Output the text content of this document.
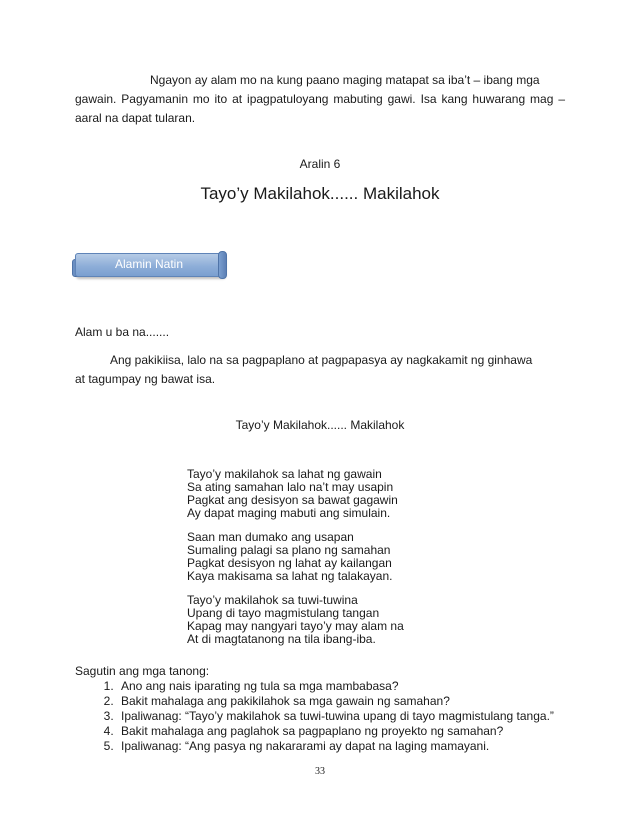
Ngayon ay alam mo na kung paano maging matapat sa iba’t – ibang mga
gawain. Pagyamanin mo ito at ipagpatuloyang mabuting gawi. Isa kang huwarang mag – aaral na dapat tularan.
Aralin 6
Tayo’y Makilahok...... Makilahok
Alamin Natin
Alam u ba na.......
Ang pakikiisa, lalo na sa pagpaplano at pagpapasya ay nagkakamit ng ginhawa at tagumpay ng bawat isa.
Tayo’y Makilahok...... Makilahok
Tayo’y makilahok sa lahat ng gawain
Sa ating samahan lalo na’t may usapin
Pagkat ang desisyon sa bawat gagawin
Ay dapat maging mabuti ang simulain.
Saan man dumako ang usapan
Sumaling palagi sa plano ng samahan
Pagkat desisyon ng lahat ay kailangan
Kaya makisama sa lahat ng talakayan.
Tayo’y makilahok sa tuwi-tuwina
Upang di tayo magmistulang tangan
Kapag may nangyari tayo’y may alam na
At di magtatanong na tila ibang-iba.
Sagutin ang mga tanong:
1. Ano ang nais iparating ng tula sa mga mambabasa?
2. Bakit mahalaga ang pakikilahok sa mga gawain ng samahan?
3. Ipaliwanag: “Tayo’y makilahok sa tuwi-tuwina upang di tayo magmistulang tanga.”
4. Bakit mahalaga ang paglahok sa pagpaplano ng proyekto ng samahan?
5. Ipaliwanag: “Ang pasya ng nakararami ay dapat na laging mamayani.
33
